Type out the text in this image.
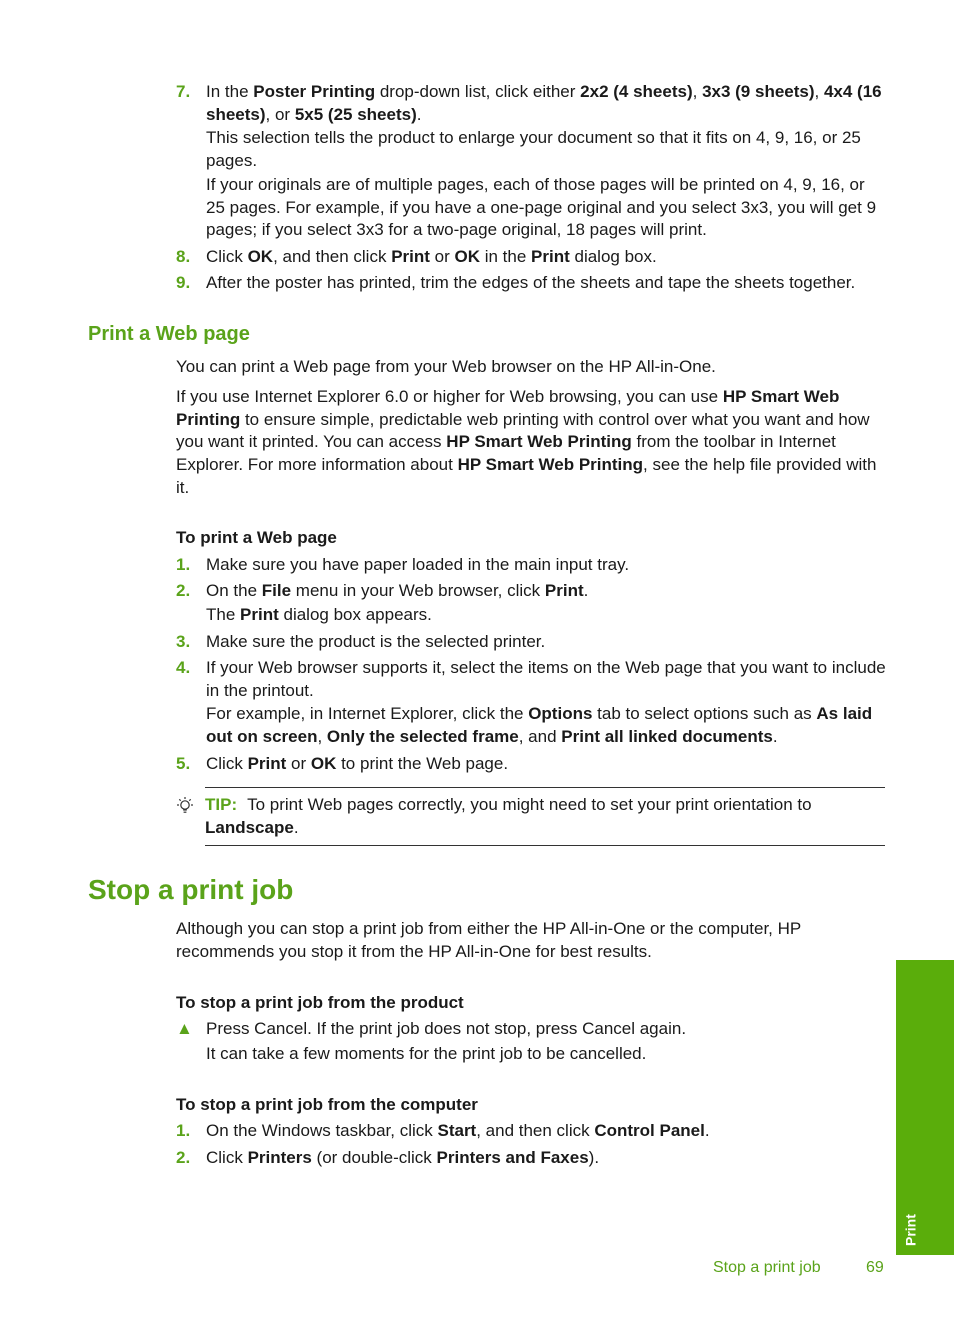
7. In the Poster Printing drop-down list, click either 2x2 (4 sheets), 3x3 (9 sheets), 4x4 (16 sheets), or 5x5 (25 sheets).

This selection tells the product to enlarge your document so that it fits on 4, 9, 16, or 25 pages.

If your originals are of multiple pages, each of those pages will be printed on 4, 9, 16, or 25 pages. For example, if you have a one-page original and you select 3x3, you will get 9 pages; if you select 3x3 for a two-page original, 18 pages will print.

8. Click OK, and then click Print or OK in the Print dialog box.

9. After the poster has printed, trim the edges of the sheets and tape the sheets together.

Print a Web page
You can print a Web page from your Web browser on the HP All-in-One.
If you use Internet Explorer 6.0 or higher for Web browsing, you can use HP Smart Web Printing to ensure simple, predictable web printing with control over what you want and how you want it printed. You can access HP Smart Web Printing from the toolbar in Internet Explorer. For more information about HP Smart Web Printing, see the help file provided with it.
To print a Web page
1. Make sure you have paper loaded in the main input tray.

2. On the File menu in your Web browser, click Print.

The Print dialog box appears.

3. Make sure the product is the selected printer.

4. If your Web browser supports it, select the items on the Web page that you want to include in the printout.

For example, in Internet Explorer, click the Options tab to select options such as As laid out on screen, Only the selected frame, and Print all linked documents.

5. Click Print or OK to print the Web page.

TIP: To print Web pages correctly, you might need to set your print orientation to Landscape.
Stop a print job
Although you can stop a print job from either the HP All-in-One or the computer, HP recommends you stop it from the HP All-in-One for best results.
To stop a print job from the product
▲ Press Cancel. If the print job does not stop, press Cancel again.

It can take a few moments for the print job to be cancelled.

To stop a print job from the computer
1. On the Windows taskbar, click Start, and then click Control Panel.

2. Click Printers (or double-click Printers and Faxes).

Print
Stop a print job	69
